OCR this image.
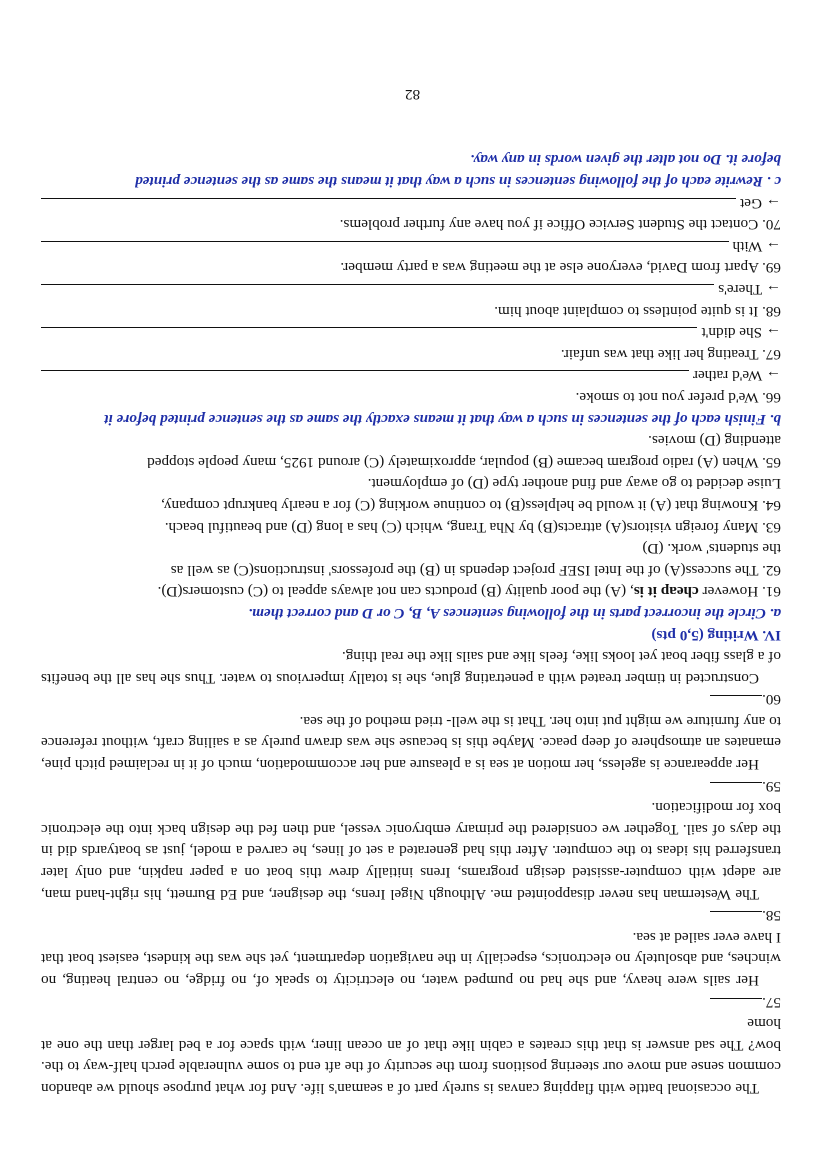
The occasional battle with flapping canvas is surely part of a seaman's life. And for what purpose should we abandon common sense and move our steering positions from the security of the aft end to some vulnerable perch half-way to the. bow? The sad answer is that this creates a cabin like that of an ocean liner, with space for a bed larger than the one at home

57.

Her sails were heavy, and she had no pumped water, no electricity to speak of, no fridge, no central heating, no winches, and absolutely no electronics, especially in the navigation department, yet she was the kindest, easiest boat that I have ever sailed at sea.

58.

The Westerman has never disappointed me. Although Nigel Irens, the designer, and Ed Burnett, his right-hand man, are adept with computer-assisted design programs, Irens initially drew this boat on a paper napkin, and only later transferred his ideas to the computer. After this had generated a set of lines, he carved a model, just as boatyards did in the days of sail. Together we considered the primary embryonic vessel, and then fed the design back into the electronic box for modification.

59.

Her appearance is ageless, her motion at sea is a pleasure and her accommodation, much of it in reclaimed pitch pine, emanates an atmosphere of deep peace. Maybe this is because she was drawn purely as a sailing craft, without reference to any furniture we might put into her. That is the well- tried method of the sea.

60.

Constructed in timber treated with a penetrating glue, she is totally impervious to water. Thus she has all the benefits of a glass fiber boat yet looks like, feels like and sails like the real thing.

IV. Writing (5,0 pts)

a. Circle the incorrect parts in the following sentences A, B, C or D and correct them.

61. However cheap it is, (A) the poor quality (B) products can not always appeal to (C) customers(D).

62. The success(A) of the Intel ISEF project depends in (B) the professors' instructions(C) as well as

the students' work. (D)

63. Many foreign visitors(A) attracts(B) by Nha Trang, which (C) has a long (D) and beautiful beach.

64. Knowing that (A) it would be helpless(B) to continue working (C) for a nearly bankrupt company,

Luise decided to go away and find another type (D) of employment.

65. When (A) radio program became (B) popular, approximately (C) around 1925, many people stopped

attending (D) movies.

b. Finish each of the sentences in such a way that it means exactly the same as the sentence printed before it

66. We'd prefer you not to smoke.

→ We'd rather

67. Treating her like that was unfair.

→ She didn't

68. It is quite pointless to complaint about him.

→ There's

69. Apart from David, everyone else at the meeting was a party member.

→ With

70. Contact the Student Service Office if you have any further problems.

→ Get

c . Rewrite each of the following sentences in such a way that it means the same as the sentence printed

before it. Do not alter the given words in any way.

82
